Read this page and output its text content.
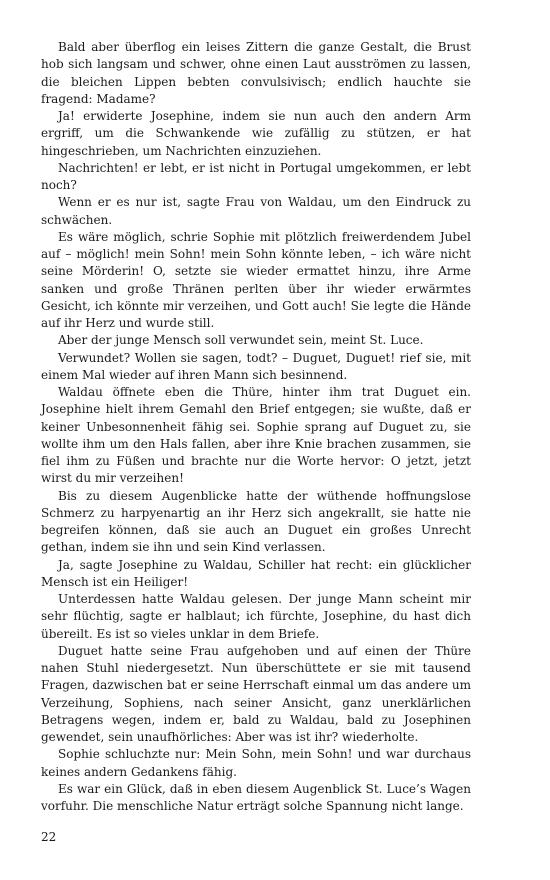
Bald aber überflog ein leises Zittern die ganze Gestalt, die Brust hob sich langsam und schwer, ohne einen Laut ausströmen zu lassen, die bleichen Lippen bebten convulsivisch; endlich hauchte sie fragend: Madame?

Ja! erwiderte Josephine, indem sie nun auch den andern Arm ergriff, um die Schwankende wie zufällig zu stützen, er hat hingeschrieben, um Nachrichten einzuziehen.

Nachrichten! er lebt, er ist nicht in Portugal umgekommen, er lebt noch?

Wenn er es nur ist, sagte Frau von Waldau, um den Eindruck zu schwächen.

Es wäre möglich, schrie Sophie mit plötzlich freiwerdendem Jubel auf – möglich! mein Sohn! mein Sohn könnte leben, – ich wäre nicht seine Mörderin! O, setzte sie wieder ermattet hinzu, ihre Arme sanken und große Thränen perlten über ihr wieder erwärmtes Gesicht, ich könnte mir verzeihen, und Gott auch! Sie legte die Hände auf ihr Herz und wurde still.

Aber der junge Mensch soll verwundet sein, meint St. Luce.

Verwundet? Wollen sie sagen, todt? – Duguet, Duguet! rief sie, mit einem Mal wieder auf ihren Mann sich besinnend.

Waldau öffnete eben die Thüre, hinter ihm trat Duguet ein. Josephine hielt ihrem Gemahl den Brief entgegen; sie wußte, daß er keiner Unbesonnenheit fähig sei. Sophie sprang auf Duguet zu, sie wollte ihm um den Hals fallen, aber ihre Knie brachen zusammen, sie fiel ihm zu Füßen und brachte nur die Worte hervor: O jetzt, jetzt wirst du mir verzeihen!

Bis zu diesem Augenblicke hatte der wüthende hoffnungslose Schmerz zu harpyenartig an ihr Herz sich angekrallt, sie hatte nie begreifen können, daß sie auch an Duguet ein großes Unrecht gethan, indem sie ihn und sein Kind verlassen.

Ja, sagte Josephine zu Waldau, Schiller hat recht: ein glücklicher Mensch ist ein Heiliger!

Unterdessen hatte Waldau gelesen. Der junge Mann scheint mir sehr flüchtig, sagte er halblaut; ich fürchte, Josephine, du hast dich übereilt. Es ist so vieles unklar in dem Briefe.

Duguet hatte seine Frau aufgehoben und auf einen der Thüre nahen Stuhl niedergesetzt. Nun überschüttete er sie mit tausend Fragen, dazwischen bat er seine Herrschaft einmal um das andere um Verzeihung, Sophiens, nach seiner Ansicht, ganz unerklärlichen Betragens wegen, indem er, bald zu Waldau, bald zu Josephinen gewendet, sein unaufhörliches: Aber was ist ihr? wiederholte.

Sophie schluchzte nur: Mein Sohn, mein Sohn! und war durchaus keines andern Gedankens fähig.

Es war ein Glück, daß in eben diesem Augenblick St. Luce’s Wagen vorfuhr. Die menschliche Natur erträgt solche Spannung nicht lange.

22
